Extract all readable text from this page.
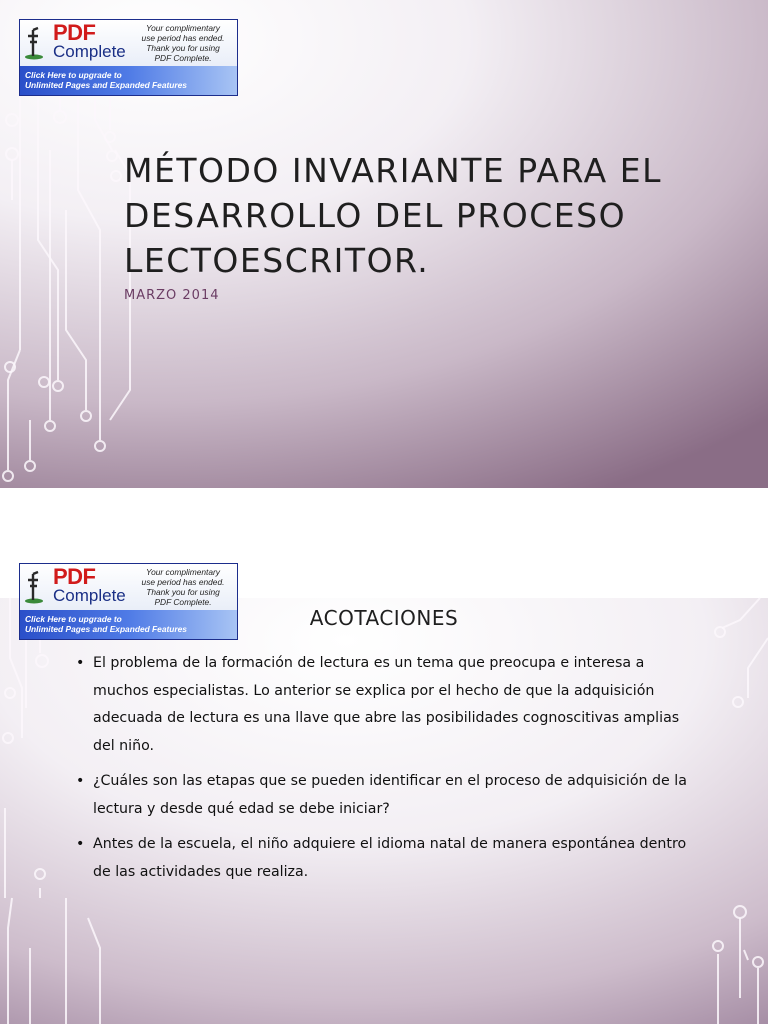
PDF
Complete
Your complimentary
use period has ended.
Thank you for using
PDF Complete.
Click Here to upgrade to
Unlimited Pages and Expanded Features
MÉTODO INVARIANTE PARA EL
DESARROLLO DEL PROCESO
LECTOESCRITOR.

MARZO 2014

PDF
Complete
Your complimentary
use period has ended.
Thank you for using
PDF Complete.
Click Here to upgrade to
Unlimited Pages and Expanded Features	ACOTACIONES
• El problema de la formación de lectura es un tema que preocupa e interesa a muchos especialistas. Lo anterior se explica por el hecho de que la adquisición adecuada de lectura es una llave que abre las posibilidades cognoscitivas amplias del niño.
• ¿Cuáles son las etapas que se pueden identificar en el proceso de adquisición de la lectura y desde qué edad se debe iniciar?
• Antes de la escuela, el niño adquiere el idioma natal de manera espontánea dentro de las actividades que realiza.
